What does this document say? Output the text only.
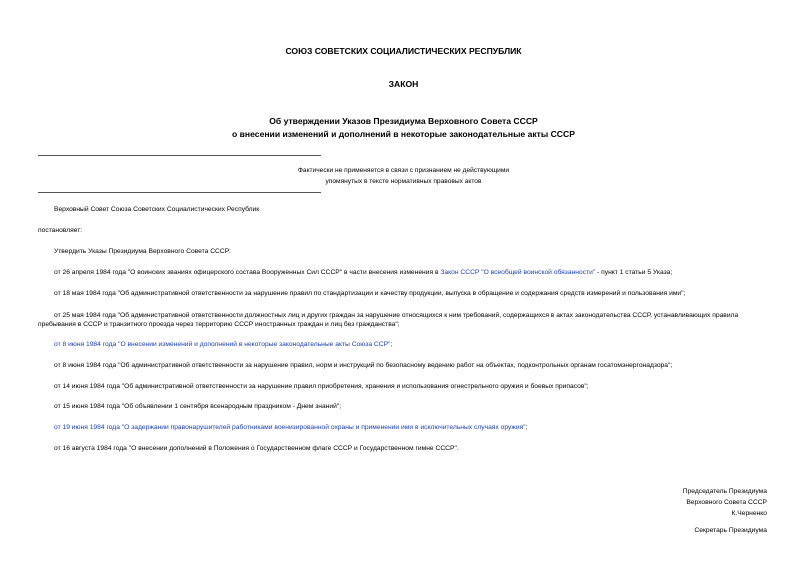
СОЮЗ СОВЕТСКИХ СОЦИАЛИСТИЧЕСКИХ РЕСПУБЛИК
ЗАКОН
Об утверждении Указов Президиума Верховного Совета СССР
о внесении изменений и дополнений в некоторые законодательные акты СССР
Фактически не применяется в связи с признанием не действующими
упомянутых в тексте нормативных правовых актов
Верховный Совет Союза Советских Социалистических Республик
постановляет:
Утвердить Указы Президиума Верховного Совета СССР:
от 26 апреля 1984 года "О воинских званиях офицерского состава Вооруженных Сил СССР" в части внесения изменения в Закон СССР "О всеобщей воинской обязанности" - пункт 1 статьи 5 Указа;
от 18 мая 1984 года "Об административной ответственности за нарушение правил по стандартизации и качеству продукции, выпуска в обращение и содержания средств измерений и пользования ими";
от 25 мая 1984 года "Об административной ответственности должностных лиц и других граждан за нарушение относящихся к ним требований, содержащихся в актах законодательства СССР, устанавливающих правила пребывания в СССР и транзитного проезда через территорию СССР иностранных граждан и лиц без гражданства";
от 8 июня 1984 года "О внесении изменений и дополнений в некоторые законодательные акты Союза ССР";
от 8 июня 1984 года "Об административной ответственности за нарушение правил, норм и инструкций по безопасному ведению работ на объектах, подконтрольных органам госатомэнергонадзора";
от 14 июня 1984 года "Об административной ответственности за нарушение правил приобретения, хранения и использования огнестрельного оружия и боевых припасов";
от 15 июня 1984 года "Об объявлении 1 сентября всенародным праздником - Днем знаний";
от 19 июня 1984 года "О задержании правонарушителей работниками военизированной охраны и применении ими в исключительных случаях оружия";
от 16 августа 1984 года "О внесении дополнений в Положения о Государственном флаге СССР и Государственном гимне СССР".
Председатель Президиума
Верховного Совета СССР
К.Черненко
Секретарь Президиума
